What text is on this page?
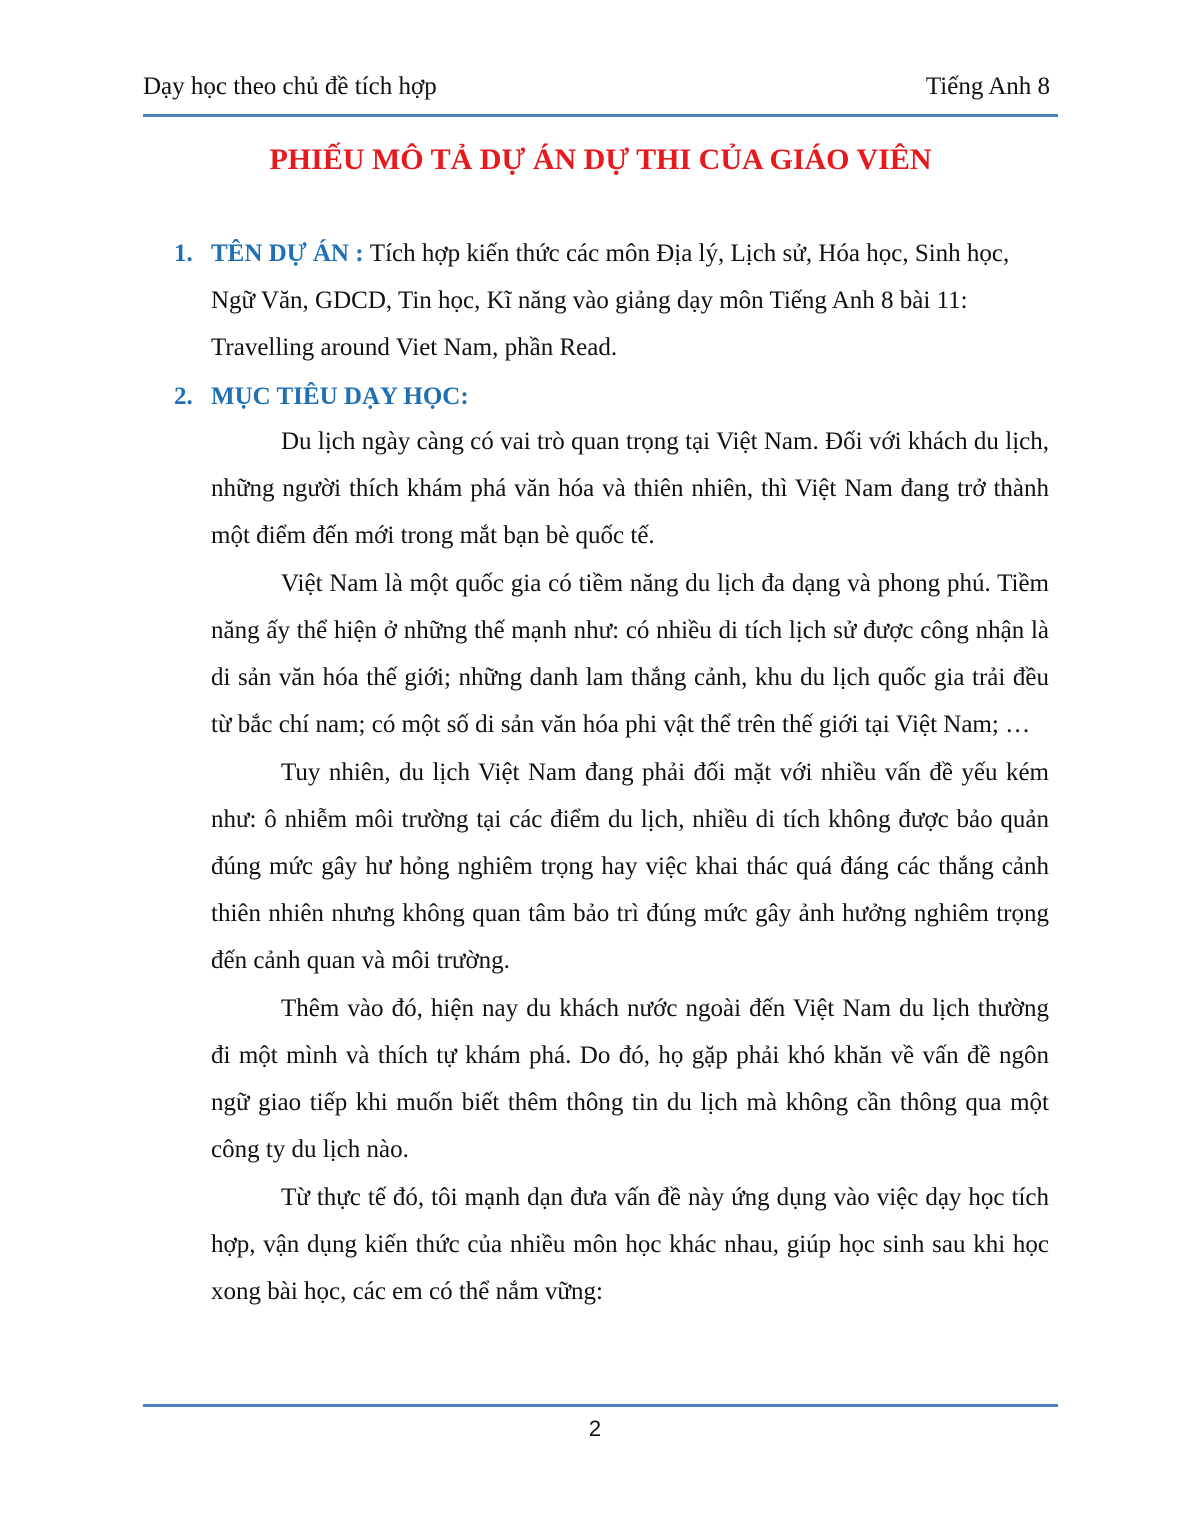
Dạy học theo chủ đề tích hợp	Tiếng Anh 8
PHIẾU MÔ TẢ DỰ ÁN DỰ THI CỦA GIÁO VIÊN
1. TÊN DỰ ÁN : Tích hợp kiến thức các môn Địa lý, Lịch sử, Hóa học, Sinh học, Ngữ Văn, GDCD, Tin học, Kĩ năng vào giảng dạy môn Tiếng Anh 8 bài 11: Travelling around Viet Nam, phần Read.
2. MỤC TIÊU DẠY HỌC:

Du lịch ngày càng có vai trò quan trọng tại Việt Nam. Đối với khách du lịch, những người thích khám phá văn hóa và thiên nhiên, thì Việt Nam đang trở thành một điểm đến mới trong mắt bạn bè quốc tế.

Việt Nam là một quốc gia có tiềm năng du lịch đa dạng và phong phú. Tiềm năng ấy thể hiện ở những thế mạnh như: có nhiều di tích lịch sử được công nhận là di sản văn hóa thế giới; những danh lam thắng cảnh, khu du lịch quốc gia trải đều từ bắc chí nam; có một số di sản văn hóa phi vật thể trên thế giới tại Việt Nam; …

Tuy nhiên, du lịch Việt Nam đang phải đối mặt với nhiều vấn đề yếu kém như: ô nhiễm môi trường tại các điểm du lịch, nhiều di tích không được bảo quản đúng mức gây hư hỏng nghiêm trọng hay việc khai thác quá đáng các thắng cảnh thiên nhiên nhưng không quan tâm bảo trì đúng mức gây ảnh hưởng nghiêm trọng đến cảnh quan và môi trường.

Thêm vào đó, hiện nay du khách nước ngoài đến Việt Nam du lịch thường đi một mình và thích tự khám phá. Do đó, họ gặp phải khó khăn về vấn đề ngôn ngữ giao tiếp khi muốn biết thêm thông tin du lịch mà không cần thông qua một công ty du lịch nào.

Từ thực tế đó, tôi mạnh dạn đưa vấn đề này ứng dụng vào việc dạy học tích hợp, vận dụng kiến thức của nhiều môn học khác nhau, giúp học sinh sau khi học xong bài học, các em có thể nắm vững:

2
